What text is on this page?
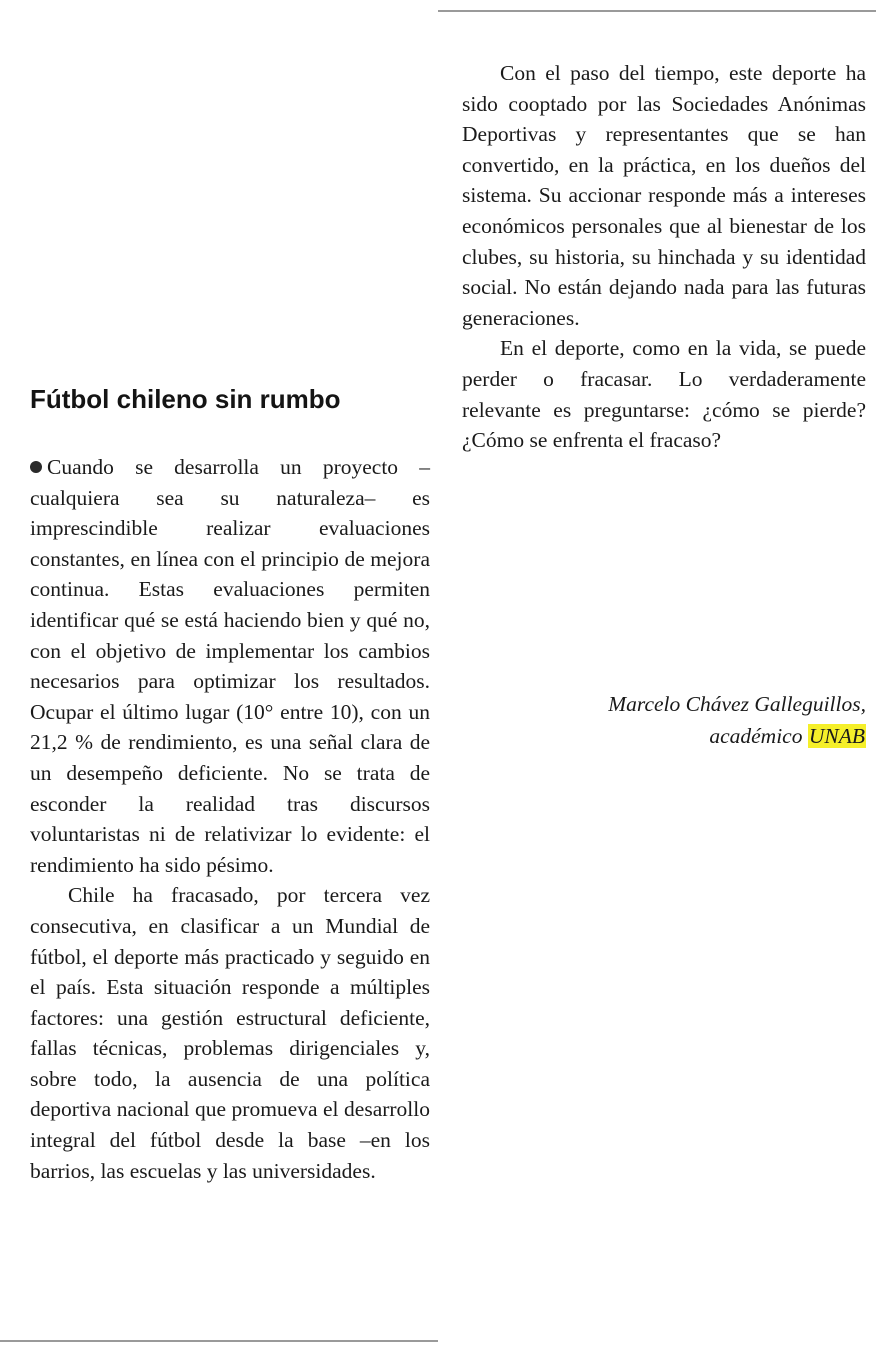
Fútbol chileno sin rumbo

Cuando se desarrolla un proyecto –cualquiera sea su naturaleza– es imprescindible realizar evaluaciones constantes, en línea con el principio de mejora continua. Estas evaluaciones permiten identificar qué se está haciendo bien y qué no, con el objetivo de implementar los cambios necesarios para optimizar los resultados. Ocupar el último lugar (10° entre 10), con un 21,2 % de rendimiento, es una señal clara de un desempeño deficiente. No se trata de esconder la realidad tras discursos voluntaristas ni de relativizar lo evidente: el rendimiento ha sido pésimo.

Chile ha fracasado, por tercera vez consecutiva, en clasificar a un Mundial de fútbol, el deporte más practicado y seguido en el país. Esta situación responde a múltiples factores: una gestión estructural deficiente, fallas técnicas, problemas dirigenciales y, sobre todo, la ausencia de una política deportiva nacional que promueva el desarrollo integral del fútbol desde la base –en los barrios, las escuelas y las universidades.

Con el paso del tiempo, este deporte ha sido cooptado por las Sociedades Anónimas Deportivas y representantes que se han convertido, en la práctica, en los dueños del sistema. Su accionar responde más a intereses económicos personales que al bienestar de los clubes, su historia, su hinchada y su identidad social. No están dejando nada para las futuras generaciones.

En el deporte, como en la vida, se puede perder o fracasar. Lo verdaderamente relevante es preguntarse: ¿cómo se pierde? ¿Cómo se enfrenta el fracaso?

Marcelo Chávez Galleguillos,
académico UNAB
